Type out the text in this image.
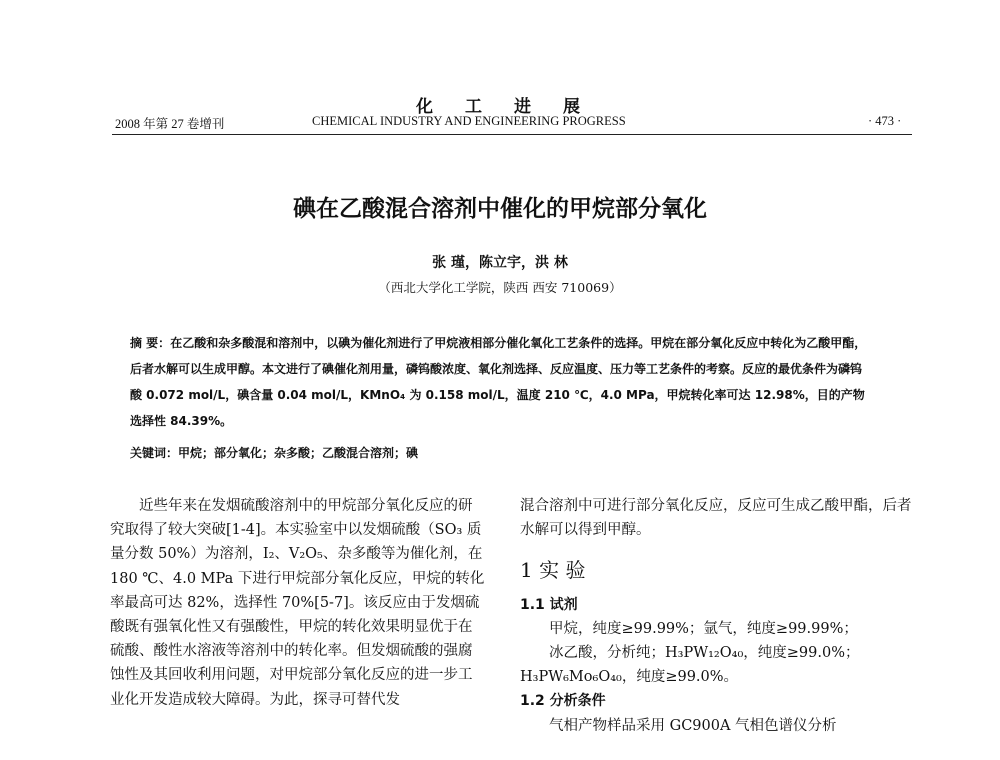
化工进展
2008 年第 27 卷增刊	CHEMICAL INDUSTRY AND ENGINEERING PROGRESS	· 473 ·
碘在乙酸混合溶剂中催化的甲烷部分氧化
张 瑾，陈立宇，洪 林
（西北大学化工学院，陕西 西安 710069）
摘 要：在乙酸和杂多酸混和溶剂中，以碘为催化剂进行了甲烷液相部分催化氧化工艺条件的选择。甲烷在部分氧化反应中转化为乙酸甲酯，后者水解可以生成甲醇。本文进行了碘催化剂用量，磷钨酸浓度、氧化剂选择、反应温度、压力等工艺条件的考察。反应的最优条件为磷钨酸 0.072 mol/L，碘含量 0.04 mol/L，KMnO₄ 为 0.158 mol/L，温度 210 ℃，4.0 MPa，甲烷转化率可达 12.98%，目的产物选择性 84.39%。
关键词：甲烷；部分氧化；杂多酸；乙酸混合溶剂；碘

近些年来在发烟硫酸溶剂中的甲烷部分氧化反应的研究取得了较大突破[1-4]。本实验室中以发烟硫酸（SO₃ 质量分数 50%）为溶剂，I₂、V₂O₅、杂多酸等为催化剂，在 180 ℃、4.0 MPa 下进行甲烷部分氧化反应，甲烷的转化率最高可达 82%，选择性 70%[5-7]。该反应由于发烟硫酸既有强氧化性又有强酸性，甲烷的转化效果明显优于在硫酸、酸性水溶液等溶剂中的转化率。但发烟硫酸的强腐蚀性及其回收利用问题，对甲烷部分氧化反应的进一步工业化开发造成较大障碍。为此，探寻可替代发

混合溶剂中可进行部分氧化反应，反应可生成乙酸甲酯，后者水解可以得到甲醇。

1 实 验

1.1 试剂

甲烷，纯度≥99.99%；氩气，纯度≥99.99%；

冰乙酸，分析纯；H₃PW₁₂O₄₀，纯度≥99.0%；

H₃PW₆Mo₆O₄₀，纯度≥99.0%。

1.2 分析条件

气相产物样品采用 GC900A 气相色谱仪分析
